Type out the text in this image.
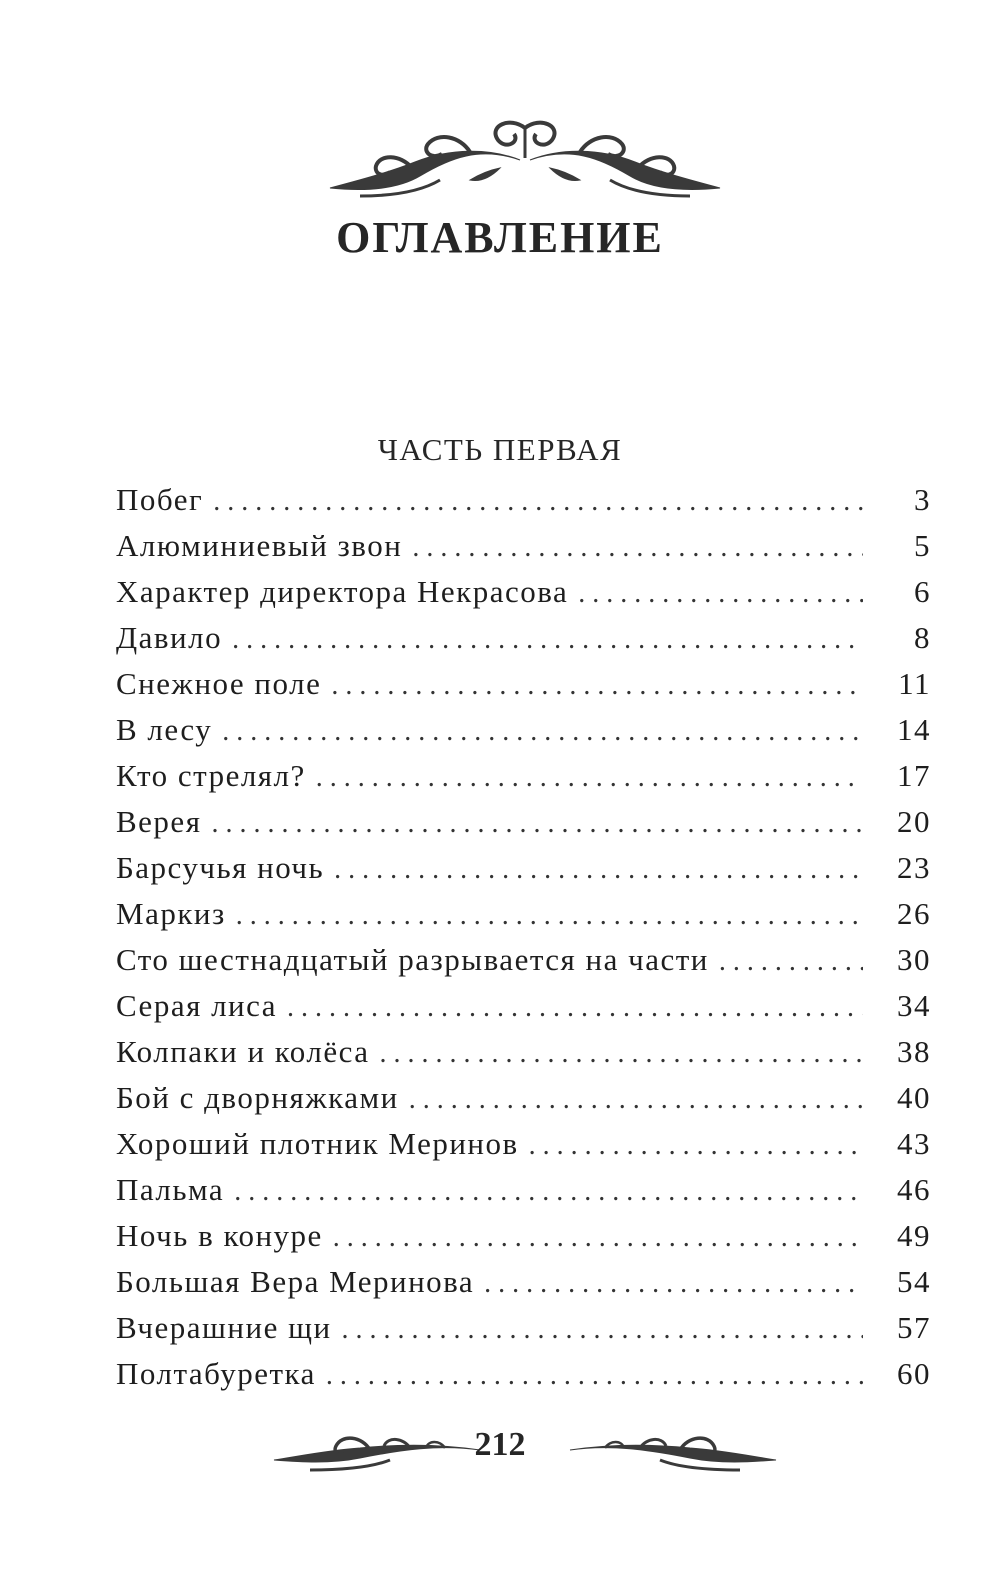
ОГЛАВЛЕНИЕ
ЧАСТЬ ПЕРВАЯ
Побег . . .	3
Алюминиевый звон . . .	5
Характер директора Некрасова . . .	6
Давило . . .	8
Снежное поле . . .	11
В лесу . . .	14
Кто стрелял? . . .	17
Верея . . .	20
Барсучья ночь . . .	23
Маркиз . . .	26
Сто шестнадцатый разрывается на части . . .	30
Серая лиса . . .	34
Колпаки и колёса . . .	38
Бой с дворняжками . . .	40
Хороший плотник Меринов . . .	43
Пальма . . .	46
Ночь в конуре . . .	49
Большая Вера Меринова . . .	54
Вчерашние щи . . .	57
Полтабуретка . . .	60
212
